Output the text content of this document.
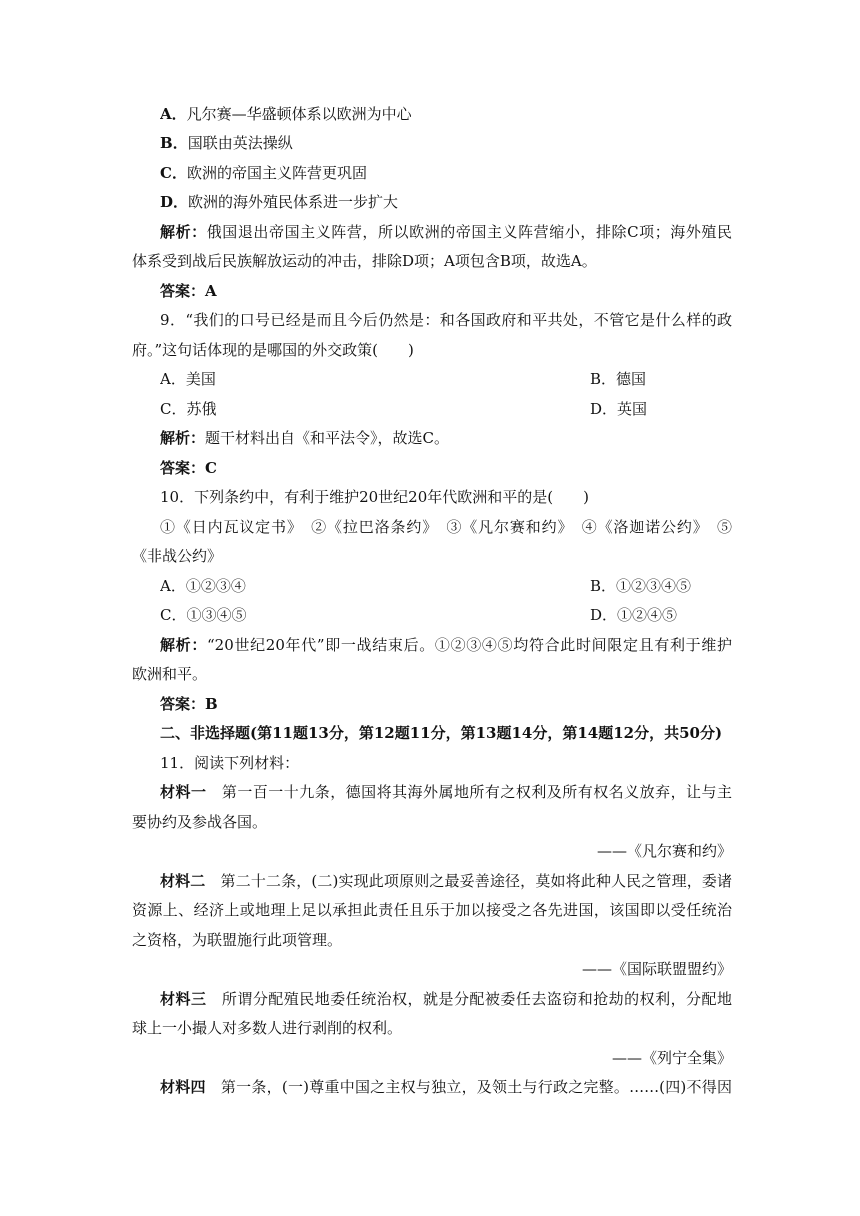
A．凡尔赛—华盛顿体系以欧洲为中心
B．国联由英法操纵
C．欧洲的帝国主义阵营更巩固
D．欧洲的海外殖民体系进一步扩大
解析：俄国退出帝国主义阵营，所以欧洲的帝国主义阵营缩小，排除C项；海外殖民
体系受到战后民族解放运动的冲击，排除D项；A项包含B项，故选A。
答案：A
9．“我们的口号已经是而且今后仍然是：和各国政府和平共处，不管它是什么样的政
府。”这句话体现的是哪国的外交政策(　　)
A．美国	B．德国
C．苏俄	D．英国
解析：题干材料出自《和平法令》，故选C。
答案：C
10．下列条约中，有利于维护20世纪20年代欧洲和平的是(　　)
①《日内瓦议定书》　②《拉巴洛条约》　③《凡尔赛和约》　④《洛迦诺公约》　⑤
《非战公约》
A．①②③④	B．①②③④⑤
C．①③④⑤	D．①②④⑤
解析：“20世纪20年代”即一战结束后。①②③④⑤均符合此时间限定且有利于维护
欧洲和平。
答案：B
二、非选择题(第11题13分，第12题11分，第13题14分，第14题12分，共50分)
11．阅读下列材料：
材料一　第一百一十九条，德国将其海外属地所有之权利及所有权名义放弃，让与主
要协约及参战各国。
——《凡尔赛和约》
材料二　第二十二条，(二)实现此项原则之最妥善途径，莫如将此种人民之管理，委诸
资源上、经济上或地理上足以承担此责任且乐于加以接受之各先进国，该国即以受任统治
之资格，为联盟施行此项管理。
——《国际联盟盟约》
材料三　所谓分配殖民地委任统治权，就是分配被委任去盗窃和抢劫的权利，分配地
球上一小撮人对多数人进行剥削的权利。
——《列宁全集》
材料四　第一条，(一)尊重中国之主权与独立，及领土与行政之完整。……(四)不得因
